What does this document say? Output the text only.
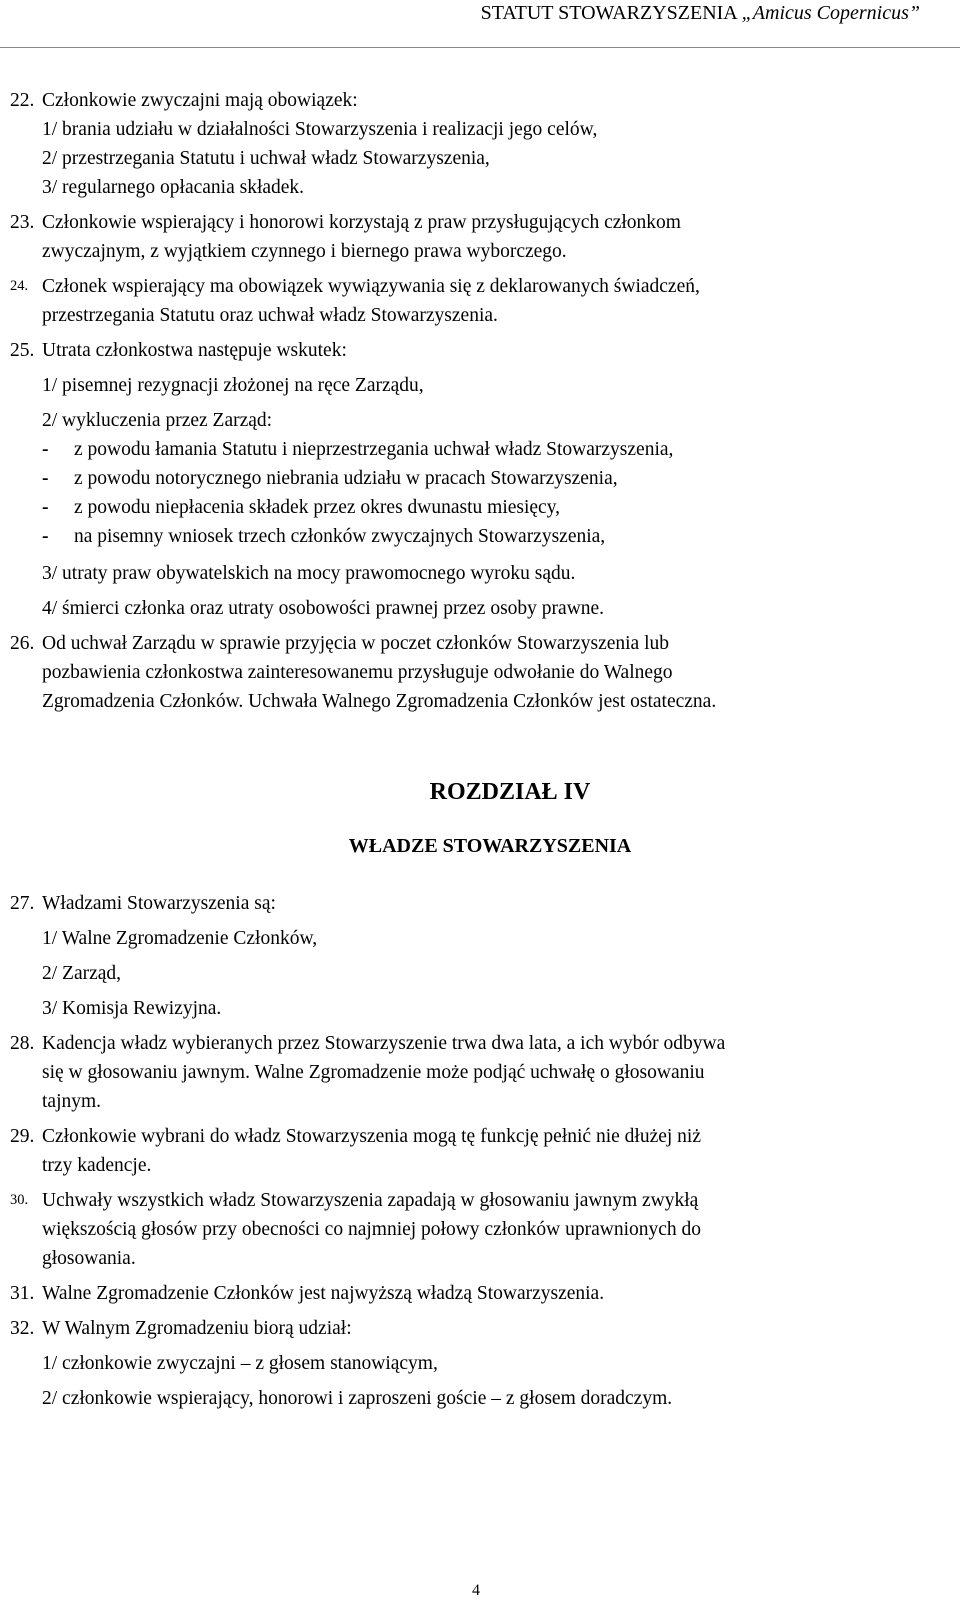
STATUT STOWARZYSZENIA „Amicus Copernicus”
22. Członkowie zwyczajni mają obowiązek:
1/ brania udziału w działalności Stowarzyszenia i realizacji jego celów,
2/ przestrzegania Statutu i uchwał władz Stowarzyszenia,
3/ regularnego opłacania składek.
23. Członkowie wspierający i honorowi korzystają z praw przysługujących członkom
zwyczajnym, z wyjątkiem czynnego i biernego prawa wyborczego.
24. Członek wspierający ma obowiązek wywiązywania się z deklarowanych świadczeń,
przestrzegania Statutu oraz uchwał władz Stowarzyszenia.
25. Utrata członkostwa następuje wskutek:
1/ pisemnej rezygnacji złożonej na ręce Zarządu,
2/ wykluczenia przez Zarząd:
- z powodu łamania Statutu i nieprzestrzegania uchwał władz Stowarzyszenia,
- z powodu notorycznego niebrania udziału w pracach Stowarzyszenia,
- z powodu niepłacenia składek przez okres dwunastu miesięcy,
- na pisemny wniosek trzech członków zwyczajnych Stowarzyszenia,
3/ utraty praw obywatelskich na mocy prawomocnego wyroku sądu.
4/ śmierci członka oraz utraty osobowości prawnej przez osoby prawne.
26. Od uchwał Zarządu w sprawie przyjęcia w poczet członków Stowarzyszenia lub
pozbawienia członkostwa zainteresowanemu przysługuje odwołanie do Walnego
Zgromadzenia Członków. Uchwała Walnego Zgromadzenia Członków jest ostateczna.
ROZDZIAŁ IV
WŁADZE STOWARZYSZENIA
27. Władzami Stowarzyszenia są:
1/ Walne Zgromadzenie Członków,
2/ Zarząd,
3/ Komisja Rewizyjna.
28. Kadencja władz wybieranych przez Stowarzyszenie trwa dwa lata, a ich wybór odbywa
się w głosowaniu jawnym. Walne Zgromadzenie może podjąć uchwałę o głosowaniu
tajnym.
29. Członkowie wybrani do władz Stowarzyszenia mogą tę funkcję pełnić nie dłużej niż
trzy kadencje.
30. Uchwały wszystkich władz Stowarzyszenia zapadają w głosowaniu jawnym zwykłą
większością głosów przy obecności co najmniej połowy członków uprawnionych do
głosowania.
31. Walne Zgromadzenie Członków jest najwyższą władzą Stowarzyszenia.
32. W Walnym Zgromadzeniu biorą udział:
1/ członkowie zwyczajni – z głosem stanowiącym,
2/ członkowie wspierający, honorowi i zaproszeni goście – z głosem doradczym.
4
